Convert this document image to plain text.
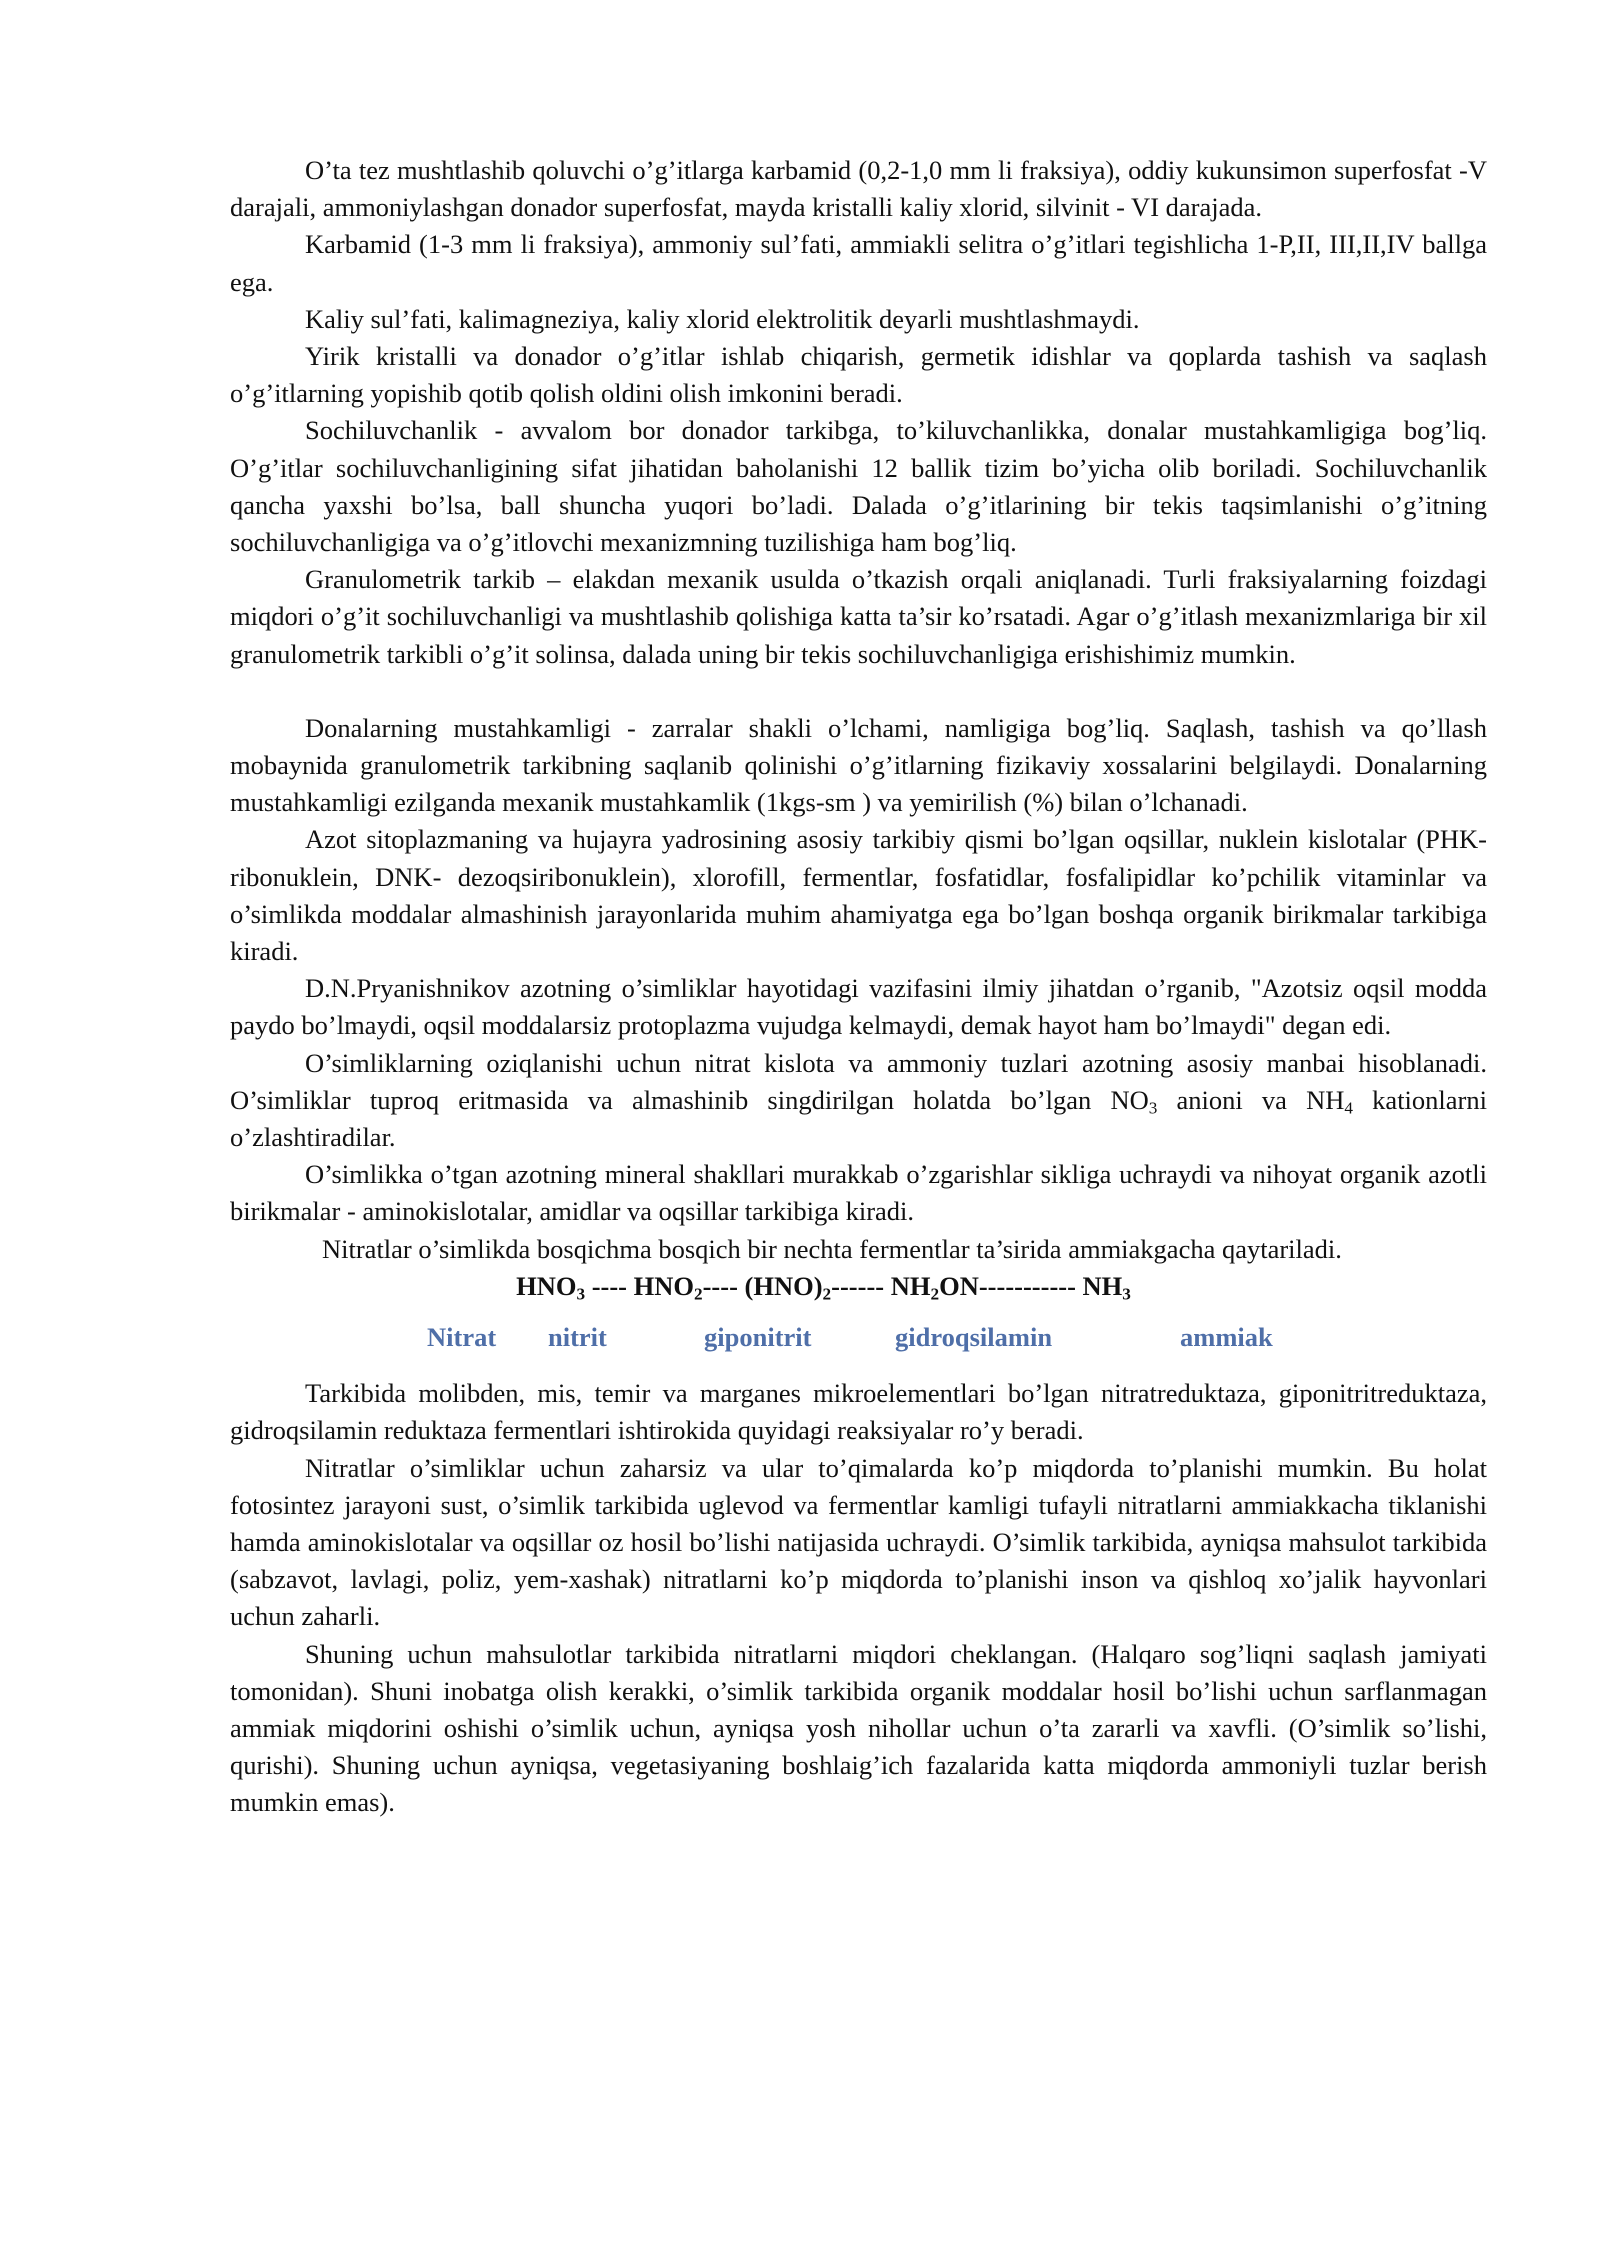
O’ta tez mushtlashib qoluvchi o’g’itlarga karbamid (0,2-1,0 mm li fraksiya), oddiy kukunsimon superfosfat -V darajali, ammoniylashgan donador superfosfat, mayda kristalli kaliy xlorid, silvinit - VI darajada.

Karbamid (1-3 mm li fraksiya), ammoniy sul’fati, ammiakli selitra o’g’itlari tegishlicha 1-P,II, III,II,IV ballga ega.

Kaliy sul’fati, kalimagneziya, kaliy xlorid elektrolitik deyarli mushtlashmaydi.

Yirik kristalli va donador o’g’itlar ishlab chiqarish, germetik idishlar va qoplarda tashish va saqlash o’g’itlarning yopishib qotib qolish oldini olish imkonini beradi.

Sochiluvchanlik - avvalom bor donador tarkibga, to’kiluvchanlikka, donalar mustahkamligiga bog’liq. O’g’itlar sochiluvchanligining sifat jihatidan baholanishi 12 ballik tizim bo’yicha olib boriladi. Sochiluvchanlik qancha yaxshi bo’lsa, ball shuncha yuqori bo’ladi. Dalada o’g’itlarining bir tekis taqsimlanishi o’g’itning sochiluvchanligiga va o’g’itlovchi mexanizmning tuzilishiga ham bog’liq.

Granulometrik tarkib – elakdan mexanik usulda o’tkazish orqali aniqlanadi. Turli fraksiyalarning foizdagi miqdori o’g’it sochiluvchanligi va mushtlashib qolishiga katta ta’sir ko’rsatadi. Agar o’g’itlash mexanizmlariga bir xil granulometrik tarkibli o’g’it solinsa, dalada uning bir tekis sochiluvchanligiga erishishimiz mumkin.

Donalarning mustahkamligi - zarralar shakli o’lchami, namligiga bog’liq. Saqlash, tashish va qo’llash mobaynida granulometrik tarkibning saqlanib qolinishi o’g’itlarning fizikaviy xossalarini belgilaydi. Donalarning mustahkamligi ezilganda mexanik mustahkamlik (1kgs-sm ) va yemirilish (%) bilan o’lchanadi.

Azot sitoplazmaning va hujayra yadrosining asosiy tarkibiy qismi bo’lgan oqsillar, nuklein kislotalar (PHK- ribonuklein, DNK- dezoqsiribonuklein), xlorofill, fermentlar, fosfatidlar, fosfalipidlar ko’pchilik vitaminlar va o’simlikda moddalar almashinish jarayonlarida muhim ahamiyatga ega bo’lgan boshqa organik birikmalar tarkibiga kiradi.

D.N.Pryanishnikov azotning o’simliklar hayotidagi vazifasini ilmiy jihatdan o’rganib, "Azotsiz oqsil modda paydo bo’lmaydi, oqsil moddalarsiz protoplazma vujudga kelmaydi, demak hayot ham bo’lmaydi" degan edi.

O’simliklarning oziqlanishi uchun nitrat kislota va ammoniy tuzlari azotning asosiy manbai hisoblanadi. O’simliklar tuproq eritmasida va almashinib singdirilgan holatda bo’lgan $NO_3$ anioni va $NH_4$ kationlarni o’zlashtiradilar.

O’simlikka o’tgan azotning mineral shakllari murakkab o’zgarishlar sikliga uchraydi va nihoyat organik azotli birikmalar - aminokislotalar, amidlar va oqsillar tarkibiga kiradi.

Nitratlar o’simlikda bosqichma bosqich bir nechta fermentlar ta’sirida ammiakgacha qaytariladi.

$HNO_3$ ---- $HNO_2----$ $(HNO)_2------$ $NH_2ON-----------$ $NH_3$

Nitrat nitrit	giponitrit	gidroqsilamin	ammiak

Tarkibida molibden, mis, temir va marganes mikroelementlari bo’lgan nitratreduktaza, giponitritreduktaza, gidroqsilamin reduktaza fermentlari ishtirokida quyidagi reaksiyalar ro’y beradi.

Nitratlar o’simliklar uchun zaharsiz va ular to’qimalarda ko’p miqdorda to’planishi mumkin. Bu holat fotosintez jarayoni sust, o’simlik tarkibida uglevod va fermentlar kamligi tufayli nitratlarni ammiakkacha tiklanishi hamda aminokislotalar va oqsillar oz hosil bo’lishi natijasida uchraydi. O’simlik tarkibida, ayniqsa mahsulot tarkibida (sabzavot, lavlagi, poliz, yem-xashak) nitratlarni ko’p miqdorda to’planishi inson va qishloq xo’jalik hayvonlari uchun zaharli.

Shuning uchun mahsulotlar tarkibida nitratlarni miqdori cheklangan. (Halqaro sog’liqni saqlash jamiyati tomonidan). Shuni inobatga olish kerakki, o’simlik tarkibida organik moddalar hosil bo’lishi uchun sarflanmagan ammiak miqdorini oshishi o’simlik uchun, ayniqsa yosh nihollar uchun o’ta zararli va xavfli. (O’simlik so’lishi, qurishi). Shuning uchun ayniqsa, vegetasiyaning boshlaig’ich fazalarida katta miqdorda ammoniyli tuzlar berish mumkin emas).
